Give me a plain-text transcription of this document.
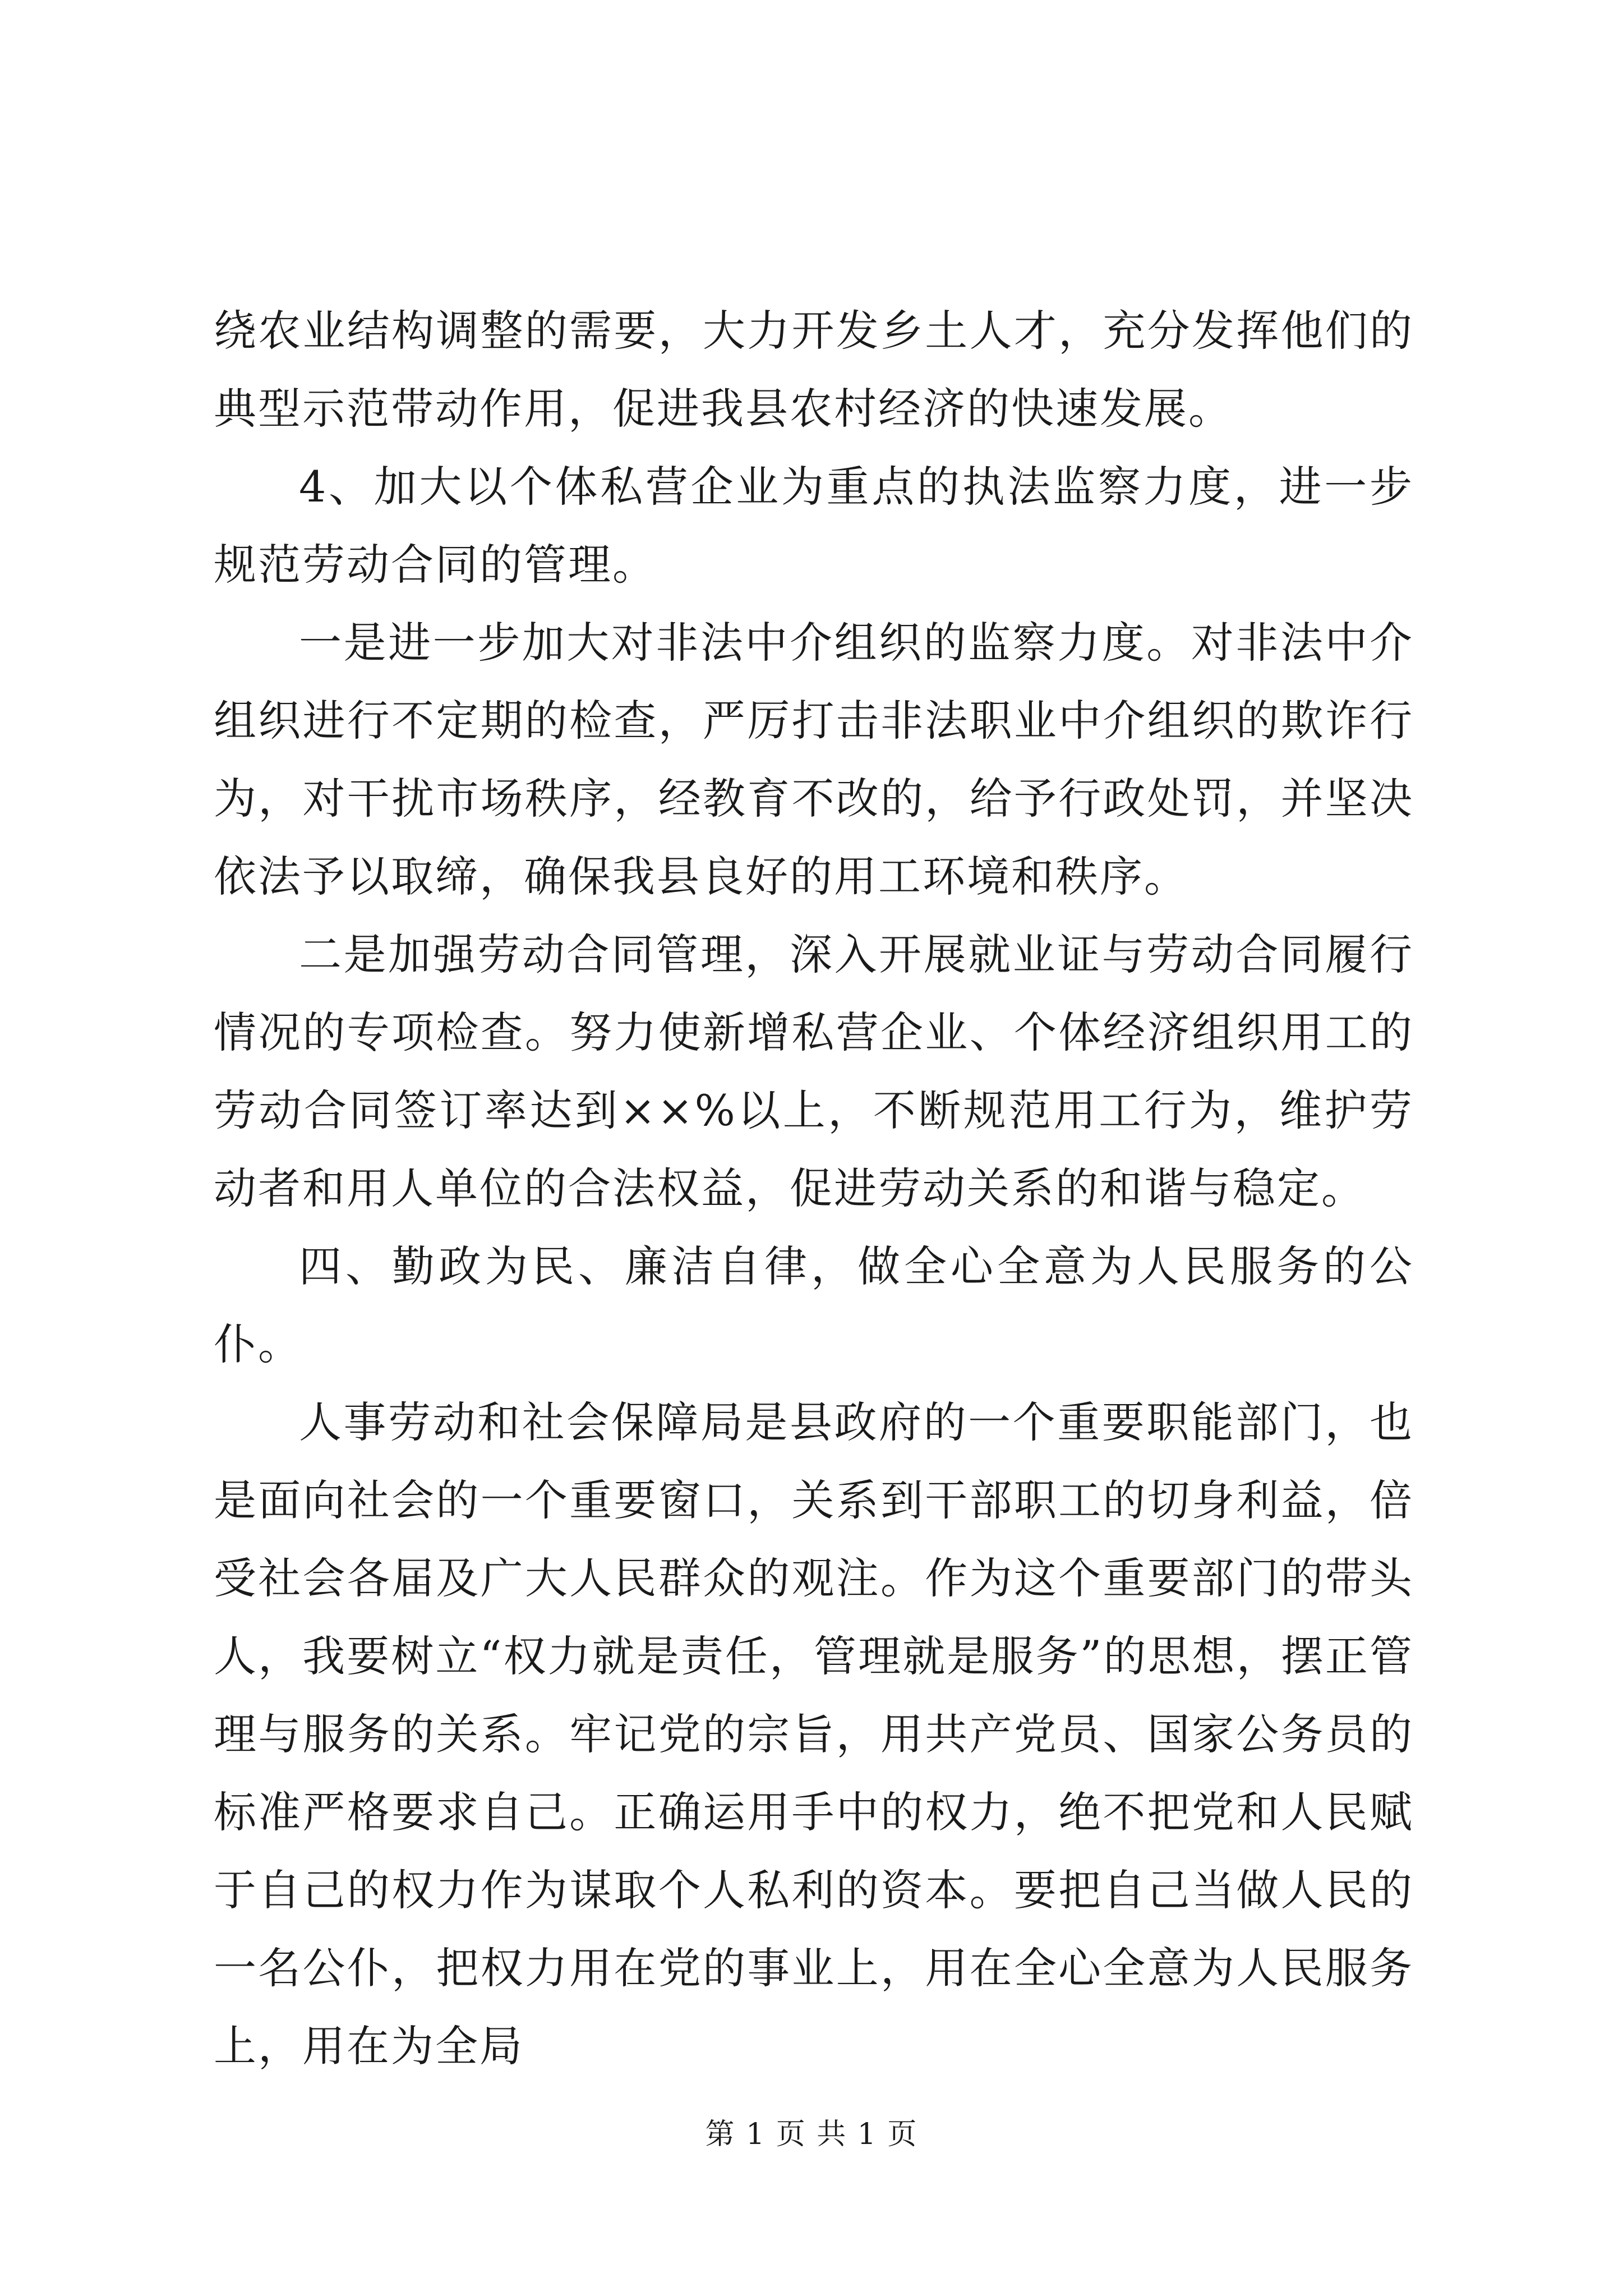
绕农业结构调整的需要，大力开发乡土人才，充分发挥他们的典型示范带动作用，促进我县农村经济的快速发展。

4、加大以个体私营企业为重点的执法监察力度，进一步规范劳动合同的管理。

一是进一步加大对非法中介组织的监察力度。对非法中介组织进行不定期的检查，严厉打击非法职业中介组织的欺诈行为，对干扰市场秩序，经教育不改的，给予行政处罚，并坚决依法予以取缔，确保我县良好的用工环境和秩序。

二是加强劳动合同管理，深入开展就业证与劳动合同履行情况的专项检查。努力使新增私营企业、个体经济组织用工的劳动合同签订率达到××%以上，不断规范用工行为，维护劳动者和用人单位的合法权益，促进劳动关系的和谐与稳定。

四、勤政为民、廉洁自律，做全心全意为人民服务的公仆。

人事劳动和社会保障局是县政府的一个重要职能部门，也是面向社会的一个重要窗口，关系到干部职工的切身利益，倍受社会各届及广大人民群众的观注。作为这个重要部门的带头人，我要树立“权力就是责任，管理就是服务”的思想，摆正管理与服务的关系。牢记党的宗旨，用共产党员、国家公务员的标准严格要求自己。正确运用手中的权力，绝不把党和人民赋于自己的权力作为谋取个人私利的资本。要把自己当做人民的一名公仆，把权力用在党的事业上，用在全心全意为人民服务上，用在为全局

第 1 页 共 1 页
